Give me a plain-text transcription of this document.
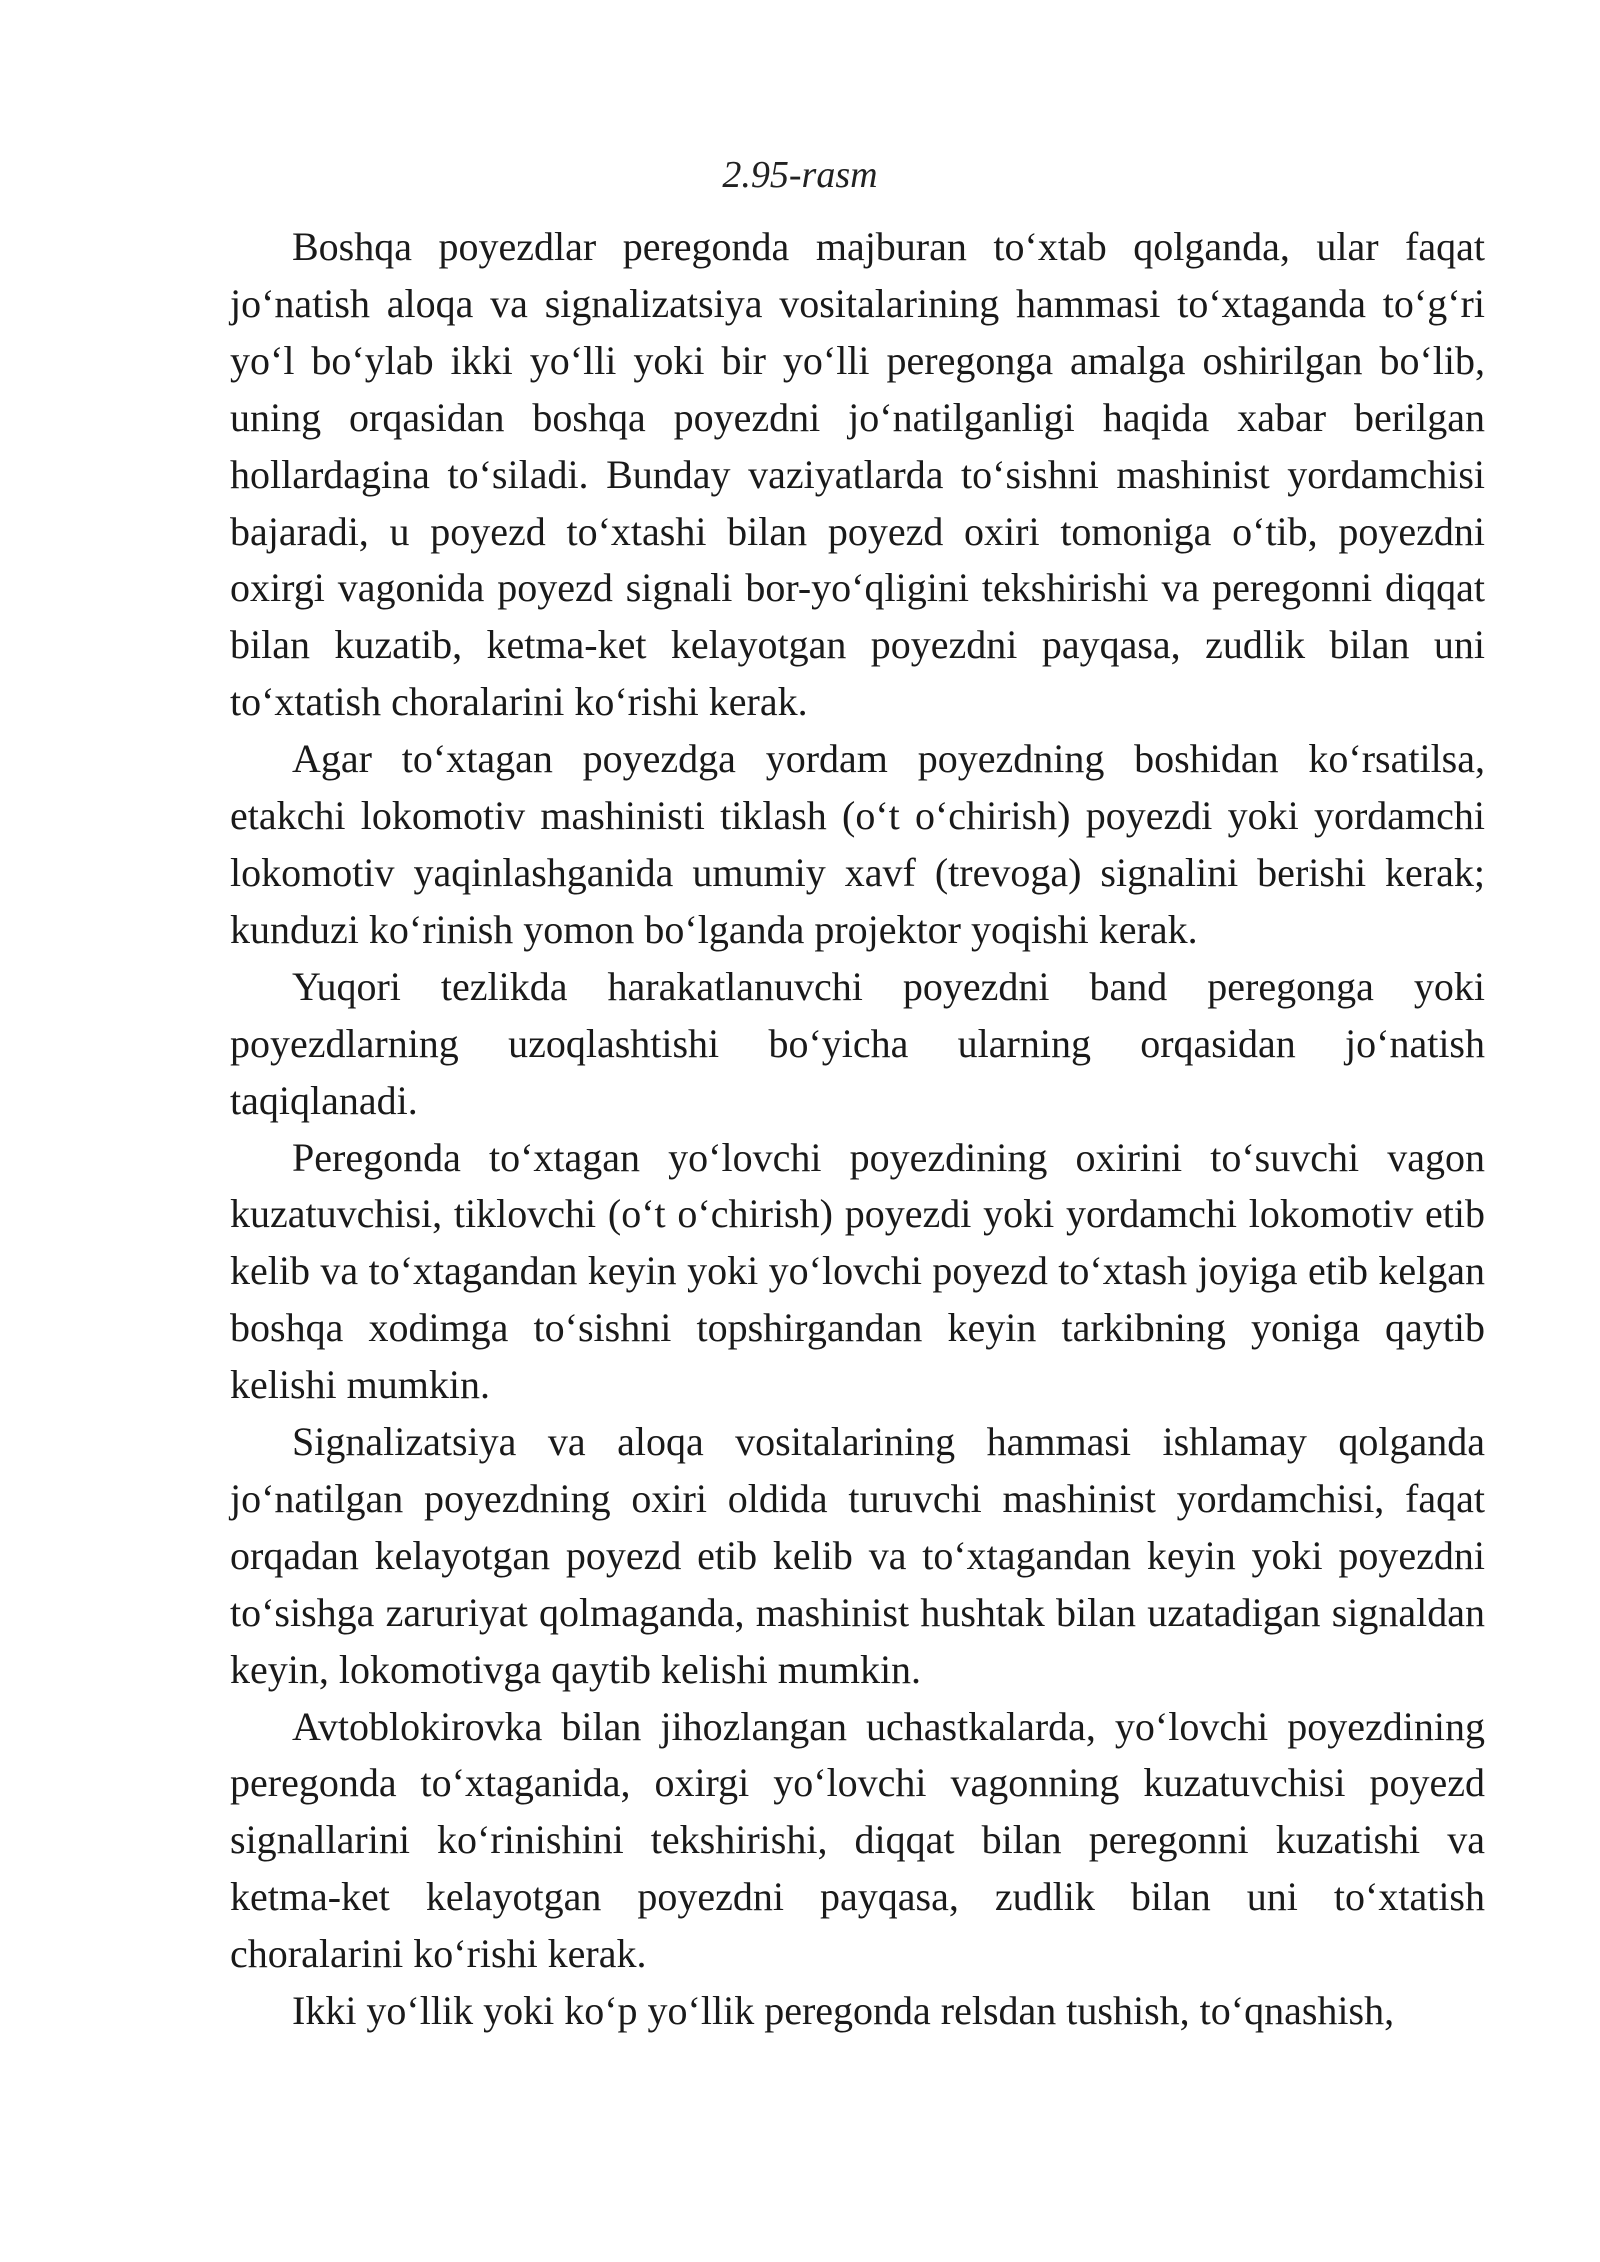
2.95-rasm

Boshqa poyezdlar peregonda majburan to‘xtab qolganda, ular faqat jo‘natish aloqa va signalizatsiya vositalarining hammasi to‘xtaganda to‘g‘ri yo‘l bo‘ylab ikki yo‘lli yoki bir yo‘lli peregonga amalga oshirilgan bo‘lib, uning orqasidan boshqa poyezdni jo‘natilganligi haqida xabar berilgan hollardagina to‘siladi. Bunday vaziyatlarda to‘sishni mashinist yordamchisi bajaradi, u poyezd to‘xtashi bilan poyezd oxiri tomoniga o‘tib, poyezdni oxirgi vagonida poyezd signali bor-yo‘qligini tekshirishi va peregonni diqqat bilan kuzatib, ketma-ket kelayotgan poyezdni payqasa, zudlik bilan uni to‘xtatish choralarini ko‘rishi kerak.

Agar to‘xtagan poyezdga yordam poyezdning boshidan ko‘rsatilsa, etakchi lokomotiv mashinisti tiklash (o‘t o‘chirish) poyezdi yoki yordamchi lokomotiv yaqinlashganida umumiy xavf (trevoga) signalini berishi kerak; kunduzi ko‘rinish yomon bo‘lganda projektor yoqishi kerak.

Yuqori tezlikda harakatlanuvchi poyezdni band peregonga yoki poyezdlarning uzoqlashtishi bo‘yicha ularning orqasidan jo‘natish taqiqlanadi.

Peregonda to‘xtagan yo‘lovchi poyezdining oxirini to‘suvchi vagon kuzatuvchisi, tiklovchi (o‘t o‘chirish) poyezdi yoki yordamchi lokomotiv etib kelib va to‘xtagandan keyin yoki yo‘lovchi poyezd to‘xtash joyiga etib kelgan boshqa xodimga to‘sishni topshirgandan keyin tarkibning yoniga qaytib kelishi mumkin.

Signalizatsiya va aloqa vositalarining hammasi ishlamay qolganda jo‘natilgan poyezdning oxiri oldida turuvchi mashinist yordamchisi, faqat orqadan kelayotgan poyezd etib kelib va to‘xtagandan keyin yoki poyezdni to‘sishga zaruriyat qolmaganda, mashinist hushtak bilan uzatadigan signaldan keyin, lokomotivga qaytib kelishi mumkin.

Avtoblokirovka bilan jihozlangan uchastkalarda, yo‘lovchi poyezdining peregonda to‘xtaganida, oxirgi yo‘lovchi vagonning kuzatuvchisi poyezd signallarini ko‘rinishini tekshirishi, diqqat bilan peregonni kuzatishi va ketma-ket kelayotgan poyezdni payqasa, zudlik bilan uni to‘xtatish choralarini ko‘rishi kerak.

Ikki yo‘llik yoki ko‘p yo‘llik peregonda relsdan tushish, to‘qnashish,
